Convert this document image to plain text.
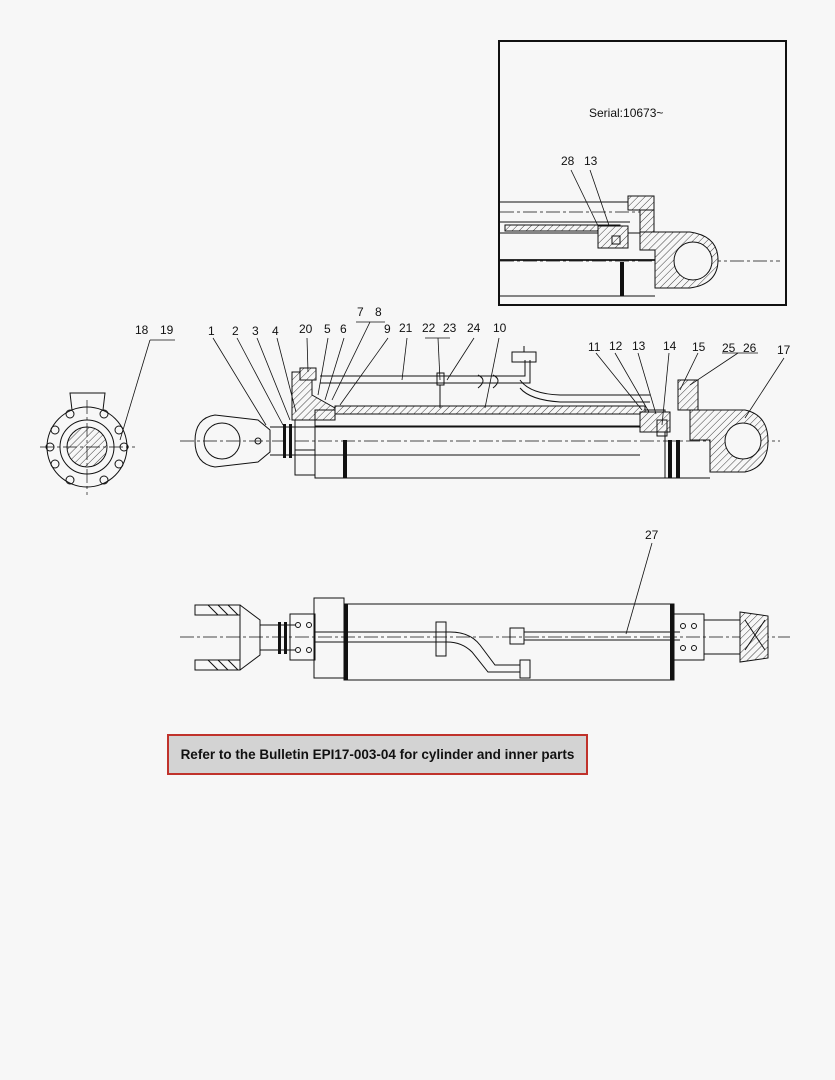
Serial:10673~
28 13
18 19	1 2 3 4 20 5 6
7 8
9 21 22 23 24 10
11 12 13 14 15 25 26 17
27
Refer to the Bulletin EPI17-003-04 for cylinder and inner parts
